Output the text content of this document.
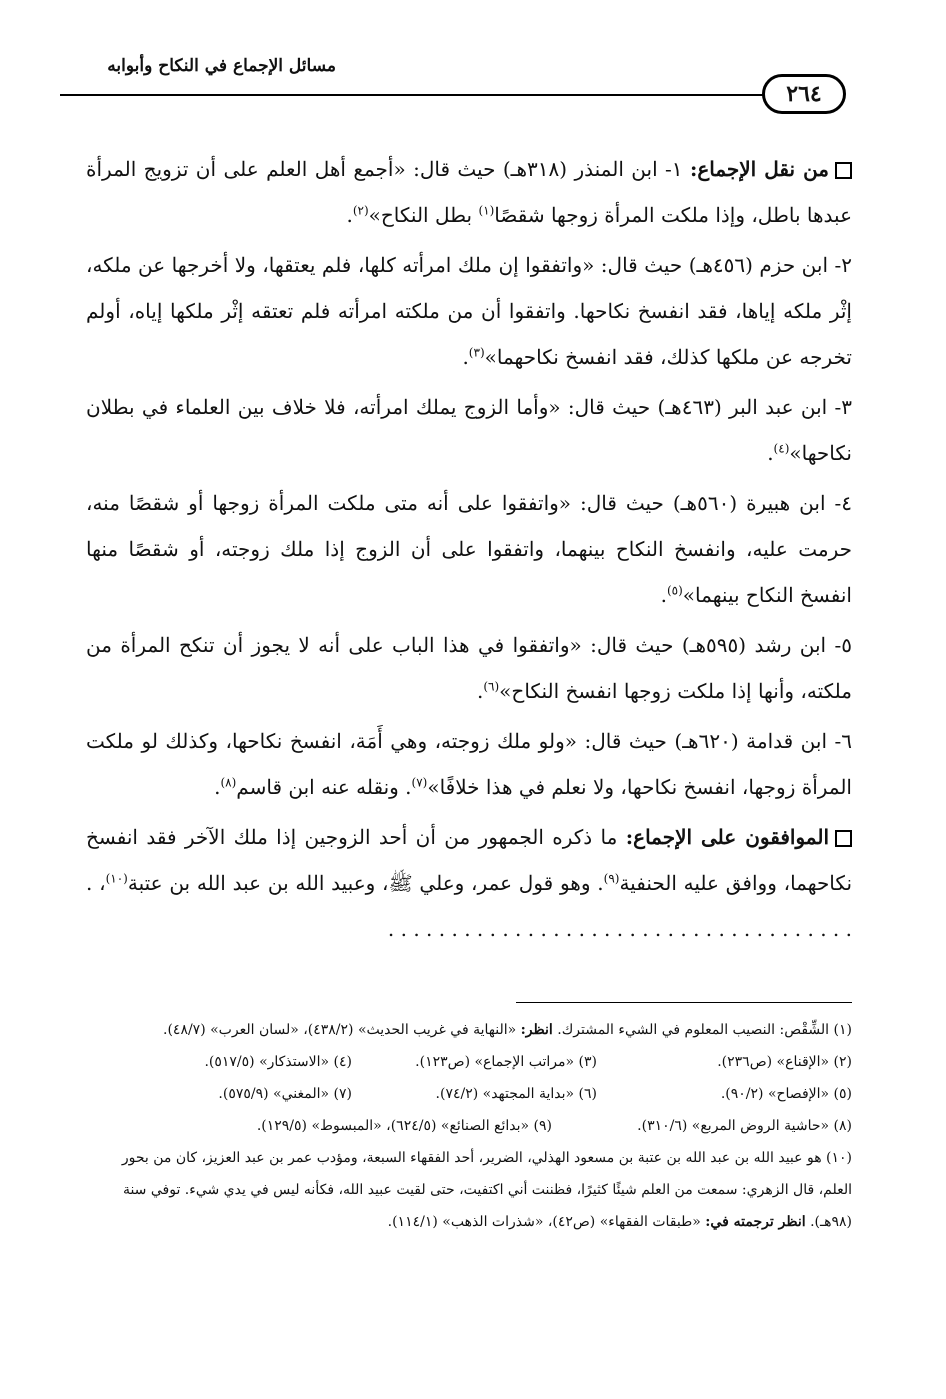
مسائل الإجماع في النكاح وأبوابه
٢٦٤

من نقل الإجماع: ١- ابن المنذر (٣١٨هـ) حيث قال: «أجمع أهل العلم على أن تزويج المرأة عبدها باطل، وإذا ملكت المرأة زوجها شقصًا$^{(١)}$ بطل النكاح»$^{(٢)}$.

٢- ابن حزم (٤٥٦هـ) حيث قال: «واتفقوا إن ملك امرأته كلها، فلم يعتقها، ولا أخرجها عن ملكه، إثْر ملكه إياها، فقد انفسخ نكاحها. واتفقوا أن من ملكته امرأته فلم تعتقه إثْر ملكها إياه، أولم تخرجه عن ملكها كذلك، فقد انفسخ نكاحهما»$^{(٣)}$.

٣- ابن عبد البر (٤٦٣هـ) حيث قال: «وأما الزوج يملك امرأته، فلا خلاف بين العلماء في بطلان نكاحها»$^{(٤)}$.

٤- ابن هبيرة (٥٦٠هـ) حيث قال: «واتفقوا على أنه متى ملكت المرأة زوجها أو شقصًا منه، حرمت عليه، وانفسخ النكاح بينهما، واتفقوا على أن الزوج إذا ملك زوجته، أو شقصًا منها انفسخ النكاح بينهما»$^{(٥)}$.

٥- ابن رشد (٥٩٥هـ) حيث قال: «واتفقوا في هذا الباب على أنه لا يجوز أن تنكح المرأة من ملكته، وأنها إذا ملكت زوجها انفسخ النكاح»$^{(٦)}$.

٦- ابن قدامة (٦٢٠هـ) حيث قال: «ولو ملك زوجته، وهي أَمَة، انفسخ نكاحها، وكذلك لو ملكت المرأة زوجها، انفسخ نكاحها، ولا نعلم في هذا خلافًا»$^{(٧)}$. ونقله عنه ابن قاسم$^{(٨)}$.

الموافقون على الإجماع: ما ذكره الجمهور من أن أحد الزوجين إذا ملك الآخر فقد انفسخ نكاحهما، ووافق عليه الحنفية$^{(٩)}$. وهو قول عمر، وعلي ﷺ، وعبيد الله بن عبد الله بن عتبة$^{(١٠)}$، . . . . . . . . . . . . . . . . . . . . . . . . . . . . . . . . . . . . . .

(١) الشِّقْص: النصيب المعلوم في الشيء المشترك. انظر: «النهاية في غريب الحديث» (٤٣٨/٢)، «لسان العرب» (٤٨/٧).

(٢) «الإقناع» (ص٢٣٦).
(٣) «مراتب الإجماع» (ص١٢٣).
(٤) «الاستذكار» (٥١٧/٥).
(٥) «الإفصاح» (٩٠/٢).
(٦) «بداية المجتهد» (٧٤/٢).
(٧) «المغني» (٥٧٥/٩).
(٨) «حاشية الروض المربع» (٣١٠/٦).
(٩) «بدائع الصنائع» (٦٢٤/٥)، «المبسوط» (١٢٩/٥).

(١٠) هو عبيد الله بن عبد الله بن عتبة بن مسعود الهذلي، الضرير، أحد الفقهاء السبعة، ومؤدب عمر بن عبد العزيز، كان من بحور العلم، قال الزهري: سمعت من العلم شيئًا كثيرًا، فظننت أني اكتفيت، حتى لقيت عبيد الله، فكأنه ليس في يدي شيء. توفي سنة (٩٨هـ). انظر ترجمته في: «طبقات الفقهاء» (ص٤٢)، «شذرات الذهب» (١١٤/١).
